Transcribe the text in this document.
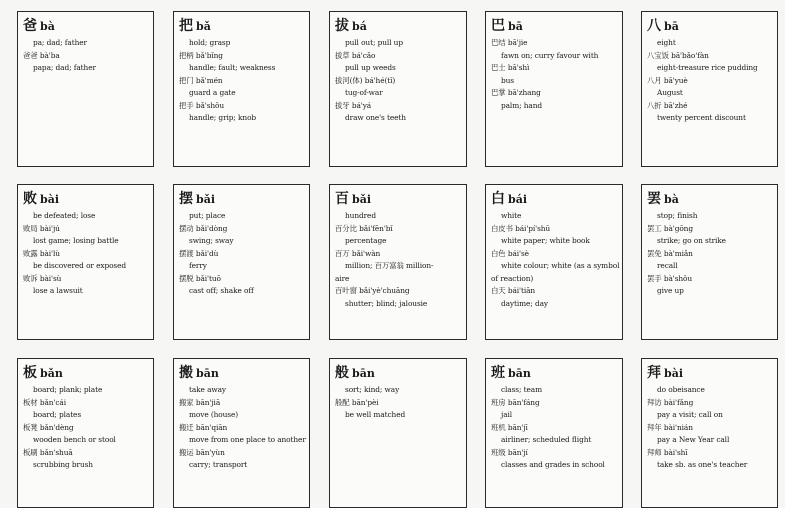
爸 bà
pa; dad; father
爸爸 bà'ba
papa; dad; father
把 bǎ
hold; grasp
把柄 bǎ'bǐng
handle; fault; weakness
把门 bǎ'mén
guard a gate
把手 bǎ'shǒu
handle; grip; knob
拔 bá
pull out; pull up
拔草 bá'cǎo
pull up weeds
拔河(体) bá'hé(tǐ)
tug-of-war
拔牙 bá'yá
draw one's teeth
巴 bā
巴结 bā'jie
fawn on; curry favour with
巴士 bā'shì
bus
巴掌 bā'zhang
palm; hand
八 bā
eight
八宝饭 bā'bǎo'fàn
eight-treasure rice pudding
八月 bā'yuè
August
八折 bā'zhé
twenty percent discount
败 bài
be defeated; lose
败局 bài'jú
lost game; losing battle
败露 bài'lù
be discovered or exposed
败诉 bài'sù
lose a lawsuit
摆 bǎi
put; place
摆动 bǎi'dòng
swing; sway
摆渡 bǎi'dù
ferry
摆脱 bǎi'tuō
cast off; shake off
百 bǎi
hundred
百分比 bǎi'fēn'bǐ
percentage
百万 bǎi'wàn
million; 百万富翁 million-
aire
百叶窗 bǎi'yè'chuāng
shutter; blind; jalousie
白 bái
white
白皮书 bái'pí'shū
white paper; white book
白色 bái'sè
white colour; white (as a symbol
of reaction)
白天 bái'tiān
daytime; day
罢 bà
stop; finish
罢工 bà'gōng
strike; go on strike
罢免 bà'miǎn
recall
罢手 bà'shǒu
give up
板 bǎn
board; plank; plate
板材 bǎn'cái
board; plates
板凳 bǎn'dèng
wooden bench or stool
板刷 bǎn'shuā
scrubbing brush
搬 bān
take away
搬家 bān'jiā
move (house)
搬迁 bān'qiān
move from one place to another
搬运 bān'yùn
carry; transport
般 bān
sort; kind; way
般配 bān'pèi
be well matched
班 bān
class; team
班房 bān'fáng
jail
班机 bān'jī
airliner; scheduled flight
班级 bān'jí
classes and grades in school
拜 bài
do obeisance
拜访 bài'fǎng
pay a visit; call on
拜年 bài'nián
pay a New Year call
拜师 bài'shī
take sb. as one's teacher
